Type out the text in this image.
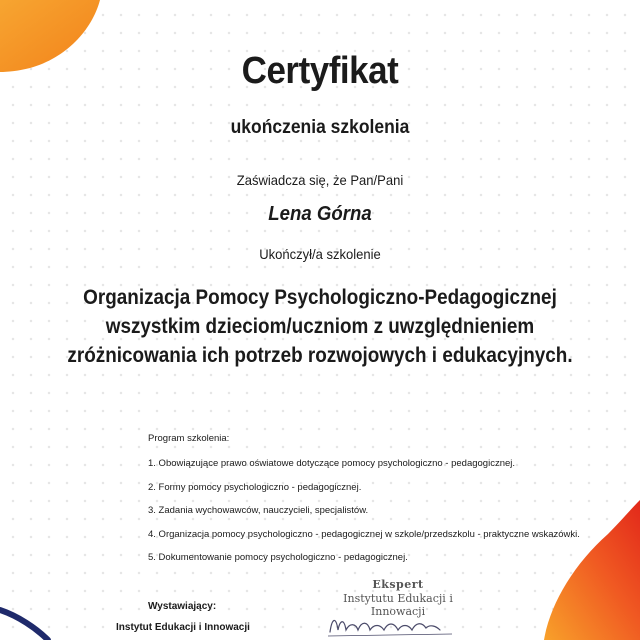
Certyfikat
ukończenia szkolenia
Zaświadcza się, że Pan/Pani
Lena Górna
Ukończył/a szkolenie
Organizacja Pomocy Psychologiczno-Pedagogicznej
wszystkim dzieciom/uczniom z uwzględnieniem
zróżnicowania ich potrzeb rozwojowych i edukacyjnych.
Program szkolenia:
1. Obowiązujące prawo oświatowe dotyczące pomocy psychologiczno - pedagogicznej.
2. Formy pomocy psychologiczno - pedagogicznej.
3. Zadania wychowawców, nauczycieli, specjalistów.
4. Organizacja pomocy psychologiczno - pedagogicznej w szkole/przedszkolu - praktyczne wskazówki.
5. Dokumentowanie pomocy psychologiczno - pedagogicznej.
Wystawiający:
Instytut Edukacji i Innowacji
Ekspert
Instytutu Edukacji i Innowacji
